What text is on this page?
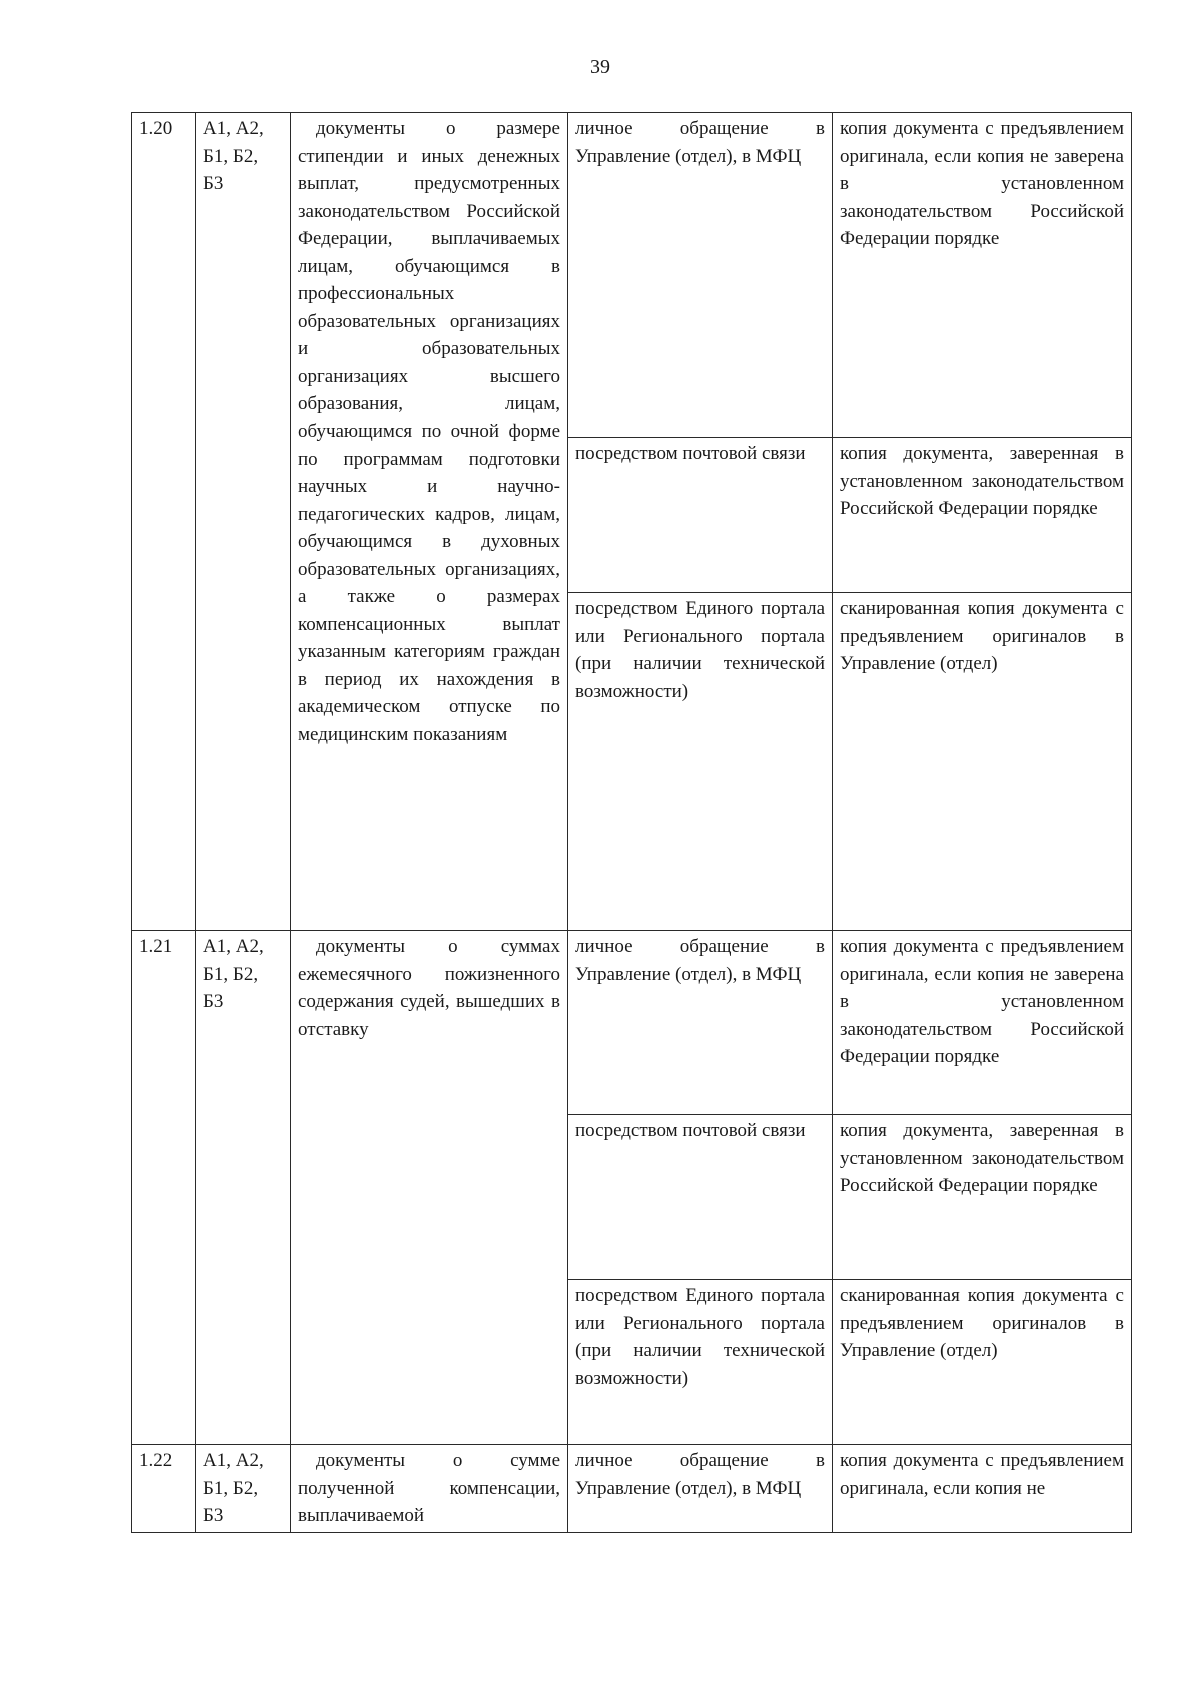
39
1.20	А1, А2, Б1, Б2, Б3	документы о размере стипендии и иных денежных выплат, предусмотренных законодательством Российской Федерации, выплачиваемых лицам, обучающимся в профессиональных образовательных организациях и образовательных организациях высшего образования, лицам, обучающимся по очной форме по программам подготовки научных и научно-педагогических кадров, лицам, обучающимся в духовных образовательных организациях, а также о размерах компенсационных выплат указанным категориям граждан в период их нахождения в академическом отпуске по медицинским показаниям	личное обращение в Управление (отдел), в МФЦ	копия документа с предъявлением оригинала, если копия не заверена в установленном законодательством Российской Федерации порядке
			посредством почтовой связи	копия документа, заверенная в установленном законодательством Российской Федерации порядке
			посредством Единого портала или Регионального портала (при наличии технической возможности)	сканированная копия документа с предъявлением оригиналов в Управление (отдел)
1.21	А1, А2, Б1, Б2, Б3	документы о суммах ежемесячного пожизненного содержания судей, вышедших в отставку	личное обращение в Управление (отдел), в МФЦ	копия документа с предъявлением оригинала, если копия не заверена в установленном законодательством Российской Федерации порядке
			посредством почтовой связи	копия документа, заверенная в установленном законодательством Российской Федерации порядке
			посредством Единого портала или Регионального портала (при наличии технической возможности)	сканированная копия документа с предъявлением оригиналов в Управление (отдел)
1.22	А1, А2, Б1, Б2, Б3	документы о сумме полученной компенсации, выплачиваемой	личное обращение в Управление (отдел), в МФЦ	копия документа с предъявлением оригинала, если копия не
